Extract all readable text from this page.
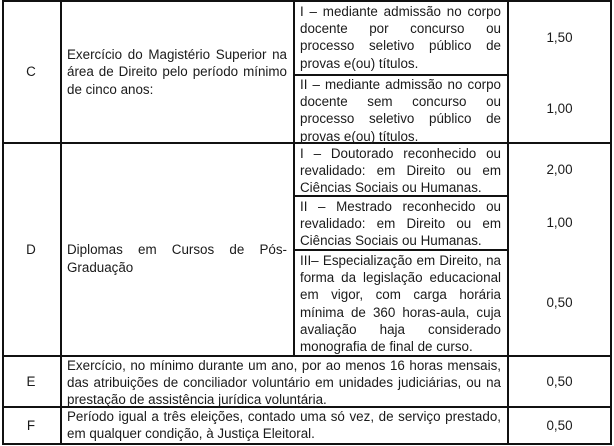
C
Exercício do Magistério Superior na área de Direito pelo período mínimo de cinco anos:
I – mediante admissão no corpo docente por concurso ou processo seletivo público de provas e(ou) títulos.
1,50
II – mediante admissão no corpo docente sem concurso ou processo seletivo público de provas e(ou) títulos.
1,00
D Diplomas em Cursos de Pós-Graduação
I – Doutorado reconhecido ou revalidado: em Direito ou em Ciências Sociais ou Humanas.
2,00
II – Mestrado reconhecido ou revalidado: em Direito ou em Ciências Sociais ou Humanas.
1,00
III– Especialização em Direito, na forma da legislação educacional em vigor, com carga horária mínima de 360 horas-aula, cuja avaliação haja considerado monografia de final de curso.
0,50
E
Exercício, no mínimo durante um ano, por ao menos 16 horas mensais, das atribuições de conciliador voluntário em unidades judiciárias, ou na prestação de assistência jurídica voluntária.
0,50
F
Período igual a três eleições, contado uma só vez, de serviço prestado, em qualquer condição, à Justiça Eleitoral.
0,50
